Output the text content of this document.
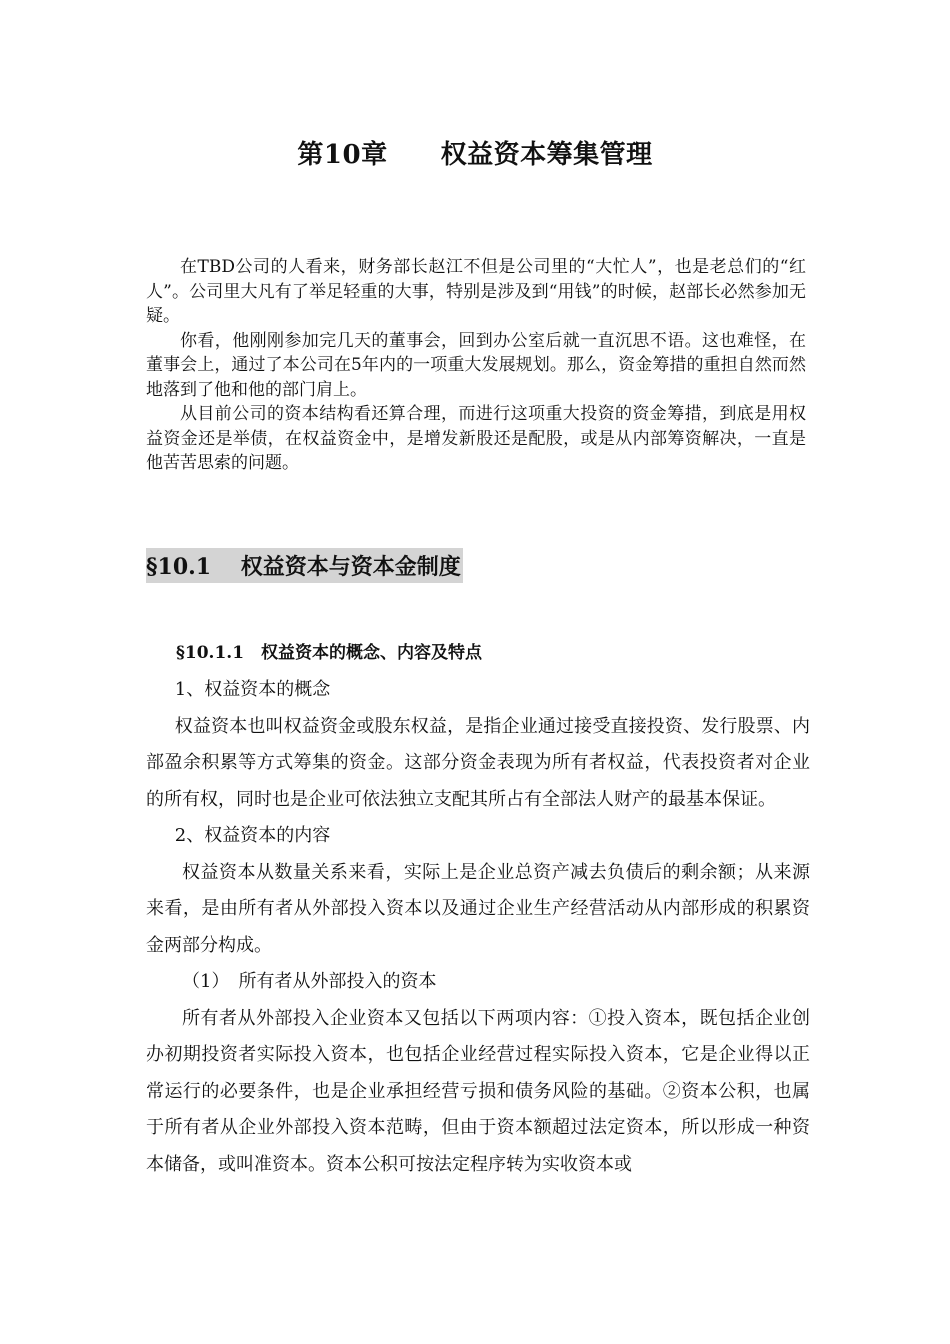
第10章　　权益资本筹集管理

在TBD公司的人看来，财务部长赵江不但是公司里的“大忙人”，也是老总们的“红人”。公司里大凡有了举足轻重的大事，特别是涉及到“用钱”的时候，赵部长必然参加无疑。

你看，他刚刚参加完几天的董事会，回到办公室后就一直沉思不语。这也难怪，在董事会上，通过了本公司在5年内的一项重大发展规划。那么，资金筹措的重担自然而然地落到了他和他的部门肩上。

从目前公司的资本结构看还算合理，而进行这项重大投资的资金筹措，到底是用权益资金还是举债，在权益资金中，是增发新股还是配股，或是从内部筹资解决，一直是他苦苦思索的问题。

§10.1　 权益资本与资本金制度
§10.1.1　权益资本的概念、内容及特点

1、权益资本的概念

权益资本也叫权益资金或股东权益，是指企业通过接受直接投资、发行股票、内部盈余积累等方式筹集的资金。这部分资金表现为所有者权益，代表投资者对企业的所有权，同时也是企业可依法独立支配其所占有全部法人财产的最基本保证。

2、权益资本的内容

权益资本从数量关系来看，实际上是企业总资产减去负债后的剩余额；从来源来看，是由所有者从外部投入资本以及通过企业生产经营活动从内部形成的积累资金两部分构成。

（1）　所有者从外部投入的资本

所有者从外部投入企业资本又包括以下两项内容：①投入资本，既包括企业创办初期投资者实际投入资本，也包括企业经营过程实际投入资本，它是企业得以正常运行的必要条件，也是企业承担经营亏损和债务风险的基础。②资本公积，也属于所有者从企业外部投入资本范畴，但由于资本额超过法定资本，所以形成一种资本储备，或叫准资本。资本公积可按法定程序转为实收资本或
